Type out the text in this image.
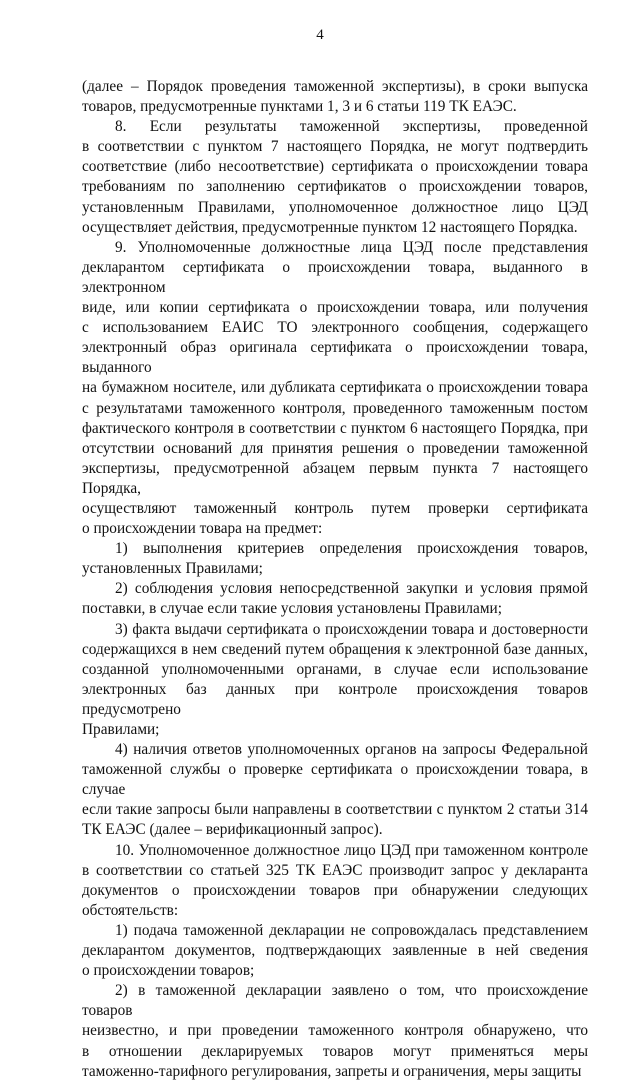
4
(далее – Порядок проведения таможенной экспертизы), в сроки выпуска
товаров, предусмотренные пунктами 1, 3 и 6 статьи 119 ТК ЕАЭС.
8. Если результаты таможенной экспертизы, проведенной
в соответствии с пунктом 7 настоящего Порядка, не могут подтвердить
соответствие (либо несоответствие) сертификата о происхождении товара
требованиям по заполнению сертификатов о происхождении товаров,
установленным Правилами, уполномоченное должностное лицо ЦЭД
осуществляет действия, предусмотренные пунктом 12 настоящего Порядка.
9. Уполномоченные должностные лица ЦЭД после представления
декларантом сертификата о происхождении товара, выданного в электронном
виде, или копии сертификата о происхождении товара, или получения
с использованием ЕАИС ТО электронного сообщения, содержащего
электронный образ оригинала сертификата о происхождении товара, выданного
на бумажном носителе, или дубликата сертификата о происхождении товара
с результатами таможенного контроля, проведенного таможенным постом
фактического контроля в соответствии с пунктом 6 настоящего Порядка, при
отсутствии оснований для принятия решения о проведении таможенной
экспертизы, предусмотренной абзацем первым пункта 7 настоящего Порядка,
осуществляют таможенный контроль путем проверки сертификата
о происхождении товара на предмет:
1) выполнения критериев определения происхождения товаров,
установленных Правилами;
2) соблюдения условия непосредственной закупки и условия прямой
поставки, в случае если такие условия установлены Правилами;
3) факта выдачи сертификата о происхождении товара и достоверности
содержащихся в нем сведений путем обращения к электронной базе данных,
созданной уполномоченными органами, в случае если использование
электронных баз данных при контроле происхождения товаров предусмотрено
Правилами;
4) наличия ответов уполномоченных органов на запросы Федеральной
таможенной службы о проверке сертификата о происхождении товара, в случае
если такие запросы были направлены в соответствии с пунктом 2 статьи 314
ТК ЕАЭС (далее – верификационный запрос).
10. Уполномоченное должностное лицо ЦЭД при таможенном контроле
в соответствии со статьей 325 ТК ЕАЭС производит запрос у декларанта
документов о происхождении товаров при обнаружении следующих
обстоятельств:
1) подача таможенной декларации не сопровождалась представлением
декларантом документов, подтверждающих заявленные в ней сведения
о происхождении товаров;
2) в таможенной декларации заявлено о том, что происхождение товаров
неизвестно, и при проведении таможенного контроля обнаружено, что
в отношении декларируемых товаров могут применяться меры
таможенно-тарифного регулирования, запреты и ограничения, меры защиты
